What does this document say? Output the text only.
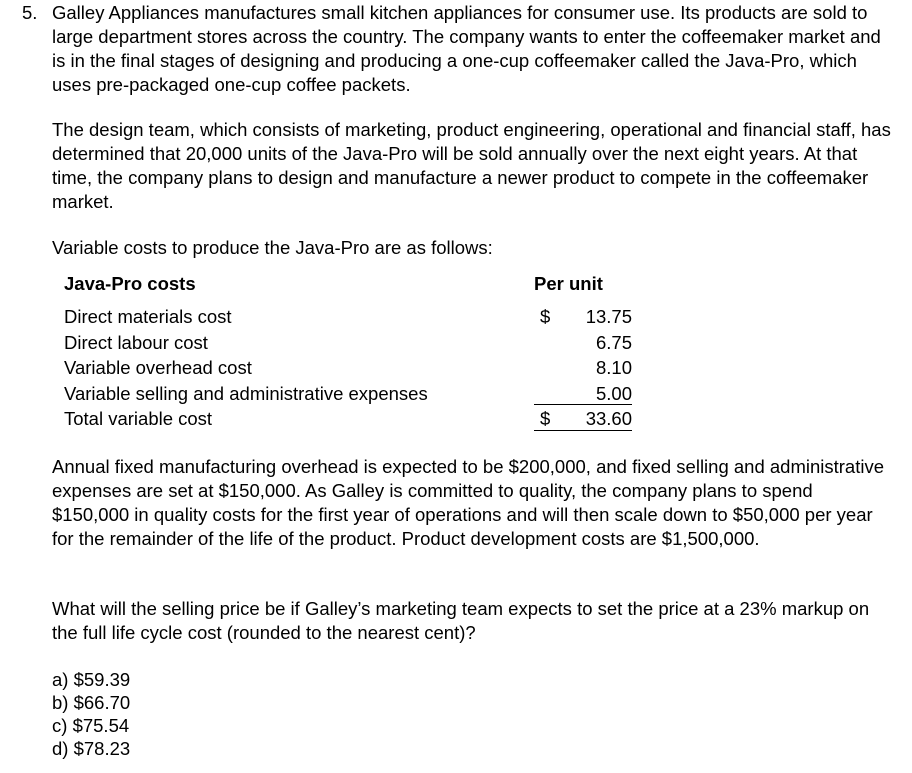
5. Galley Appliances manufactures small kitchen appliances for consumer use. Its products are sold to large department stores across the country. The company wants to enter the coffeemaker market and is in the final stages of designing and producing a one-cup coffeemaker called the Java-Pro, which uses pre-packaged one-cup coffee packets.

The design team, which consists of marketing, product engineering, operational and financial staff, has determined that 20,000 units of the Java-Pro will be sold annually over the next eight years. At that time, the company plans to design and manufacture a newer product to compete in the coffeemaker market.

Variable costs to produce the Java-Pro are as follows:

Java-Pro costs	Per unit
Direct materials cost	$ 13.75
Direct labour cost	6.75
Variable overhead cost	8.10
Variable selling and administrative expenses	5.00
Total variable cost	$ 33.60

Annual fixed manufacturing overhead is expected to be $200,000, and fixed selling and administrative expenses are set at $150,000. As Galley is committed to quality, the company plans to spend $150,000 in quality costs for the first year of operations and will then scale down to $50,000 per year for the remainder of the life of the product. Product development costs are $1,500,000.

What will the selling price be if Galley’s marketing team expects to set the price at a 23% markup on the full life cycle cost (rounded to the nearest cent)?

a) $59.39
b) $66.70
c) $75.54
d) $78.23
